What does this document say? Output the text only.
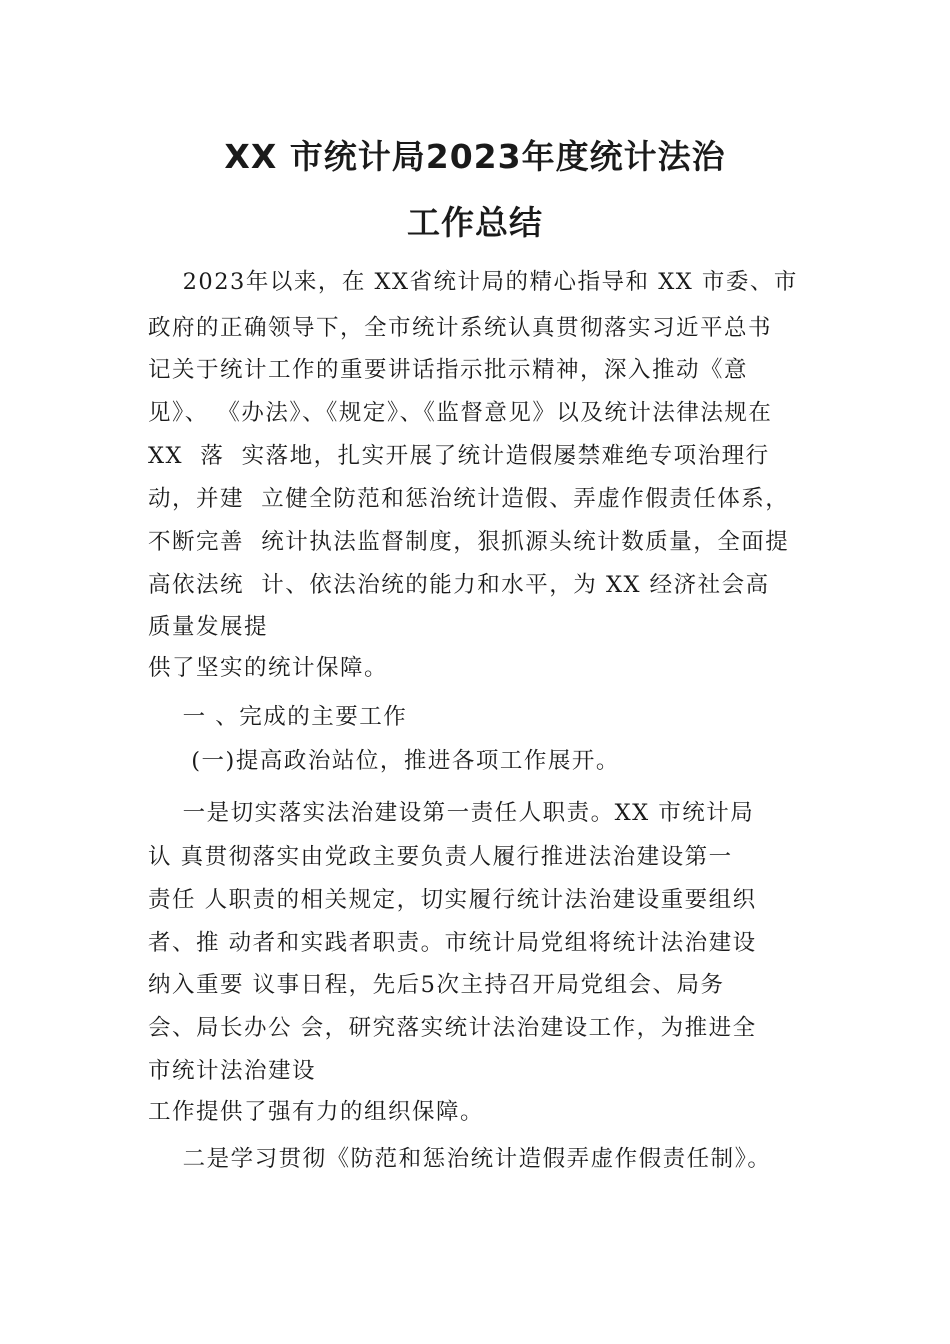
XX 市统计局2023年度统计法治
工作总结
2023年以来，在 XX省统计局的精心指导和 XX 市委、市
政府的正确领导下，全市统计系统认真贯彻落实习近平总书
记关于统计工作的重要讲话指示批示精神，深入推动《意
见》、 《办法》、《规定》、《监督意见》以及统计法律法规在
XX  落  实落地，扎实开展了统计造假屡禁难绝专项治理行
动，并建  立健全防范和惩治统计造假、弄虚作假责任体系，
不断完善  统计执法监督制度，狠抓源头统计数质量，全面提
高依法统  计、依法治统的能力和水平，为 XX 经济社会高
质量发展提
供了坚实的统计保障。
一 、完成的主要工作
(一)提高政治站位，推进各项工作展开。
一是切实落实法治建设第一责任人职责。XX 市统计局
认 真贯彻落实由党政主要负责人履行推进法治建设第一
责任 人职责的相关规定，切实履行统计法治建设重要组织
者、推 动者和实践者职责。市统计局党组将统计法治建设
纳入重要 议事日程，先后5次主持召开局党组会、局务
会、局长办公 会，研究落实统计法治建设工作，为推进全
市统计法治建设
工作提供了强有力的组织保障。
二是学习贯彻《防范和惩治统计造假弄虚作假责任制》。
